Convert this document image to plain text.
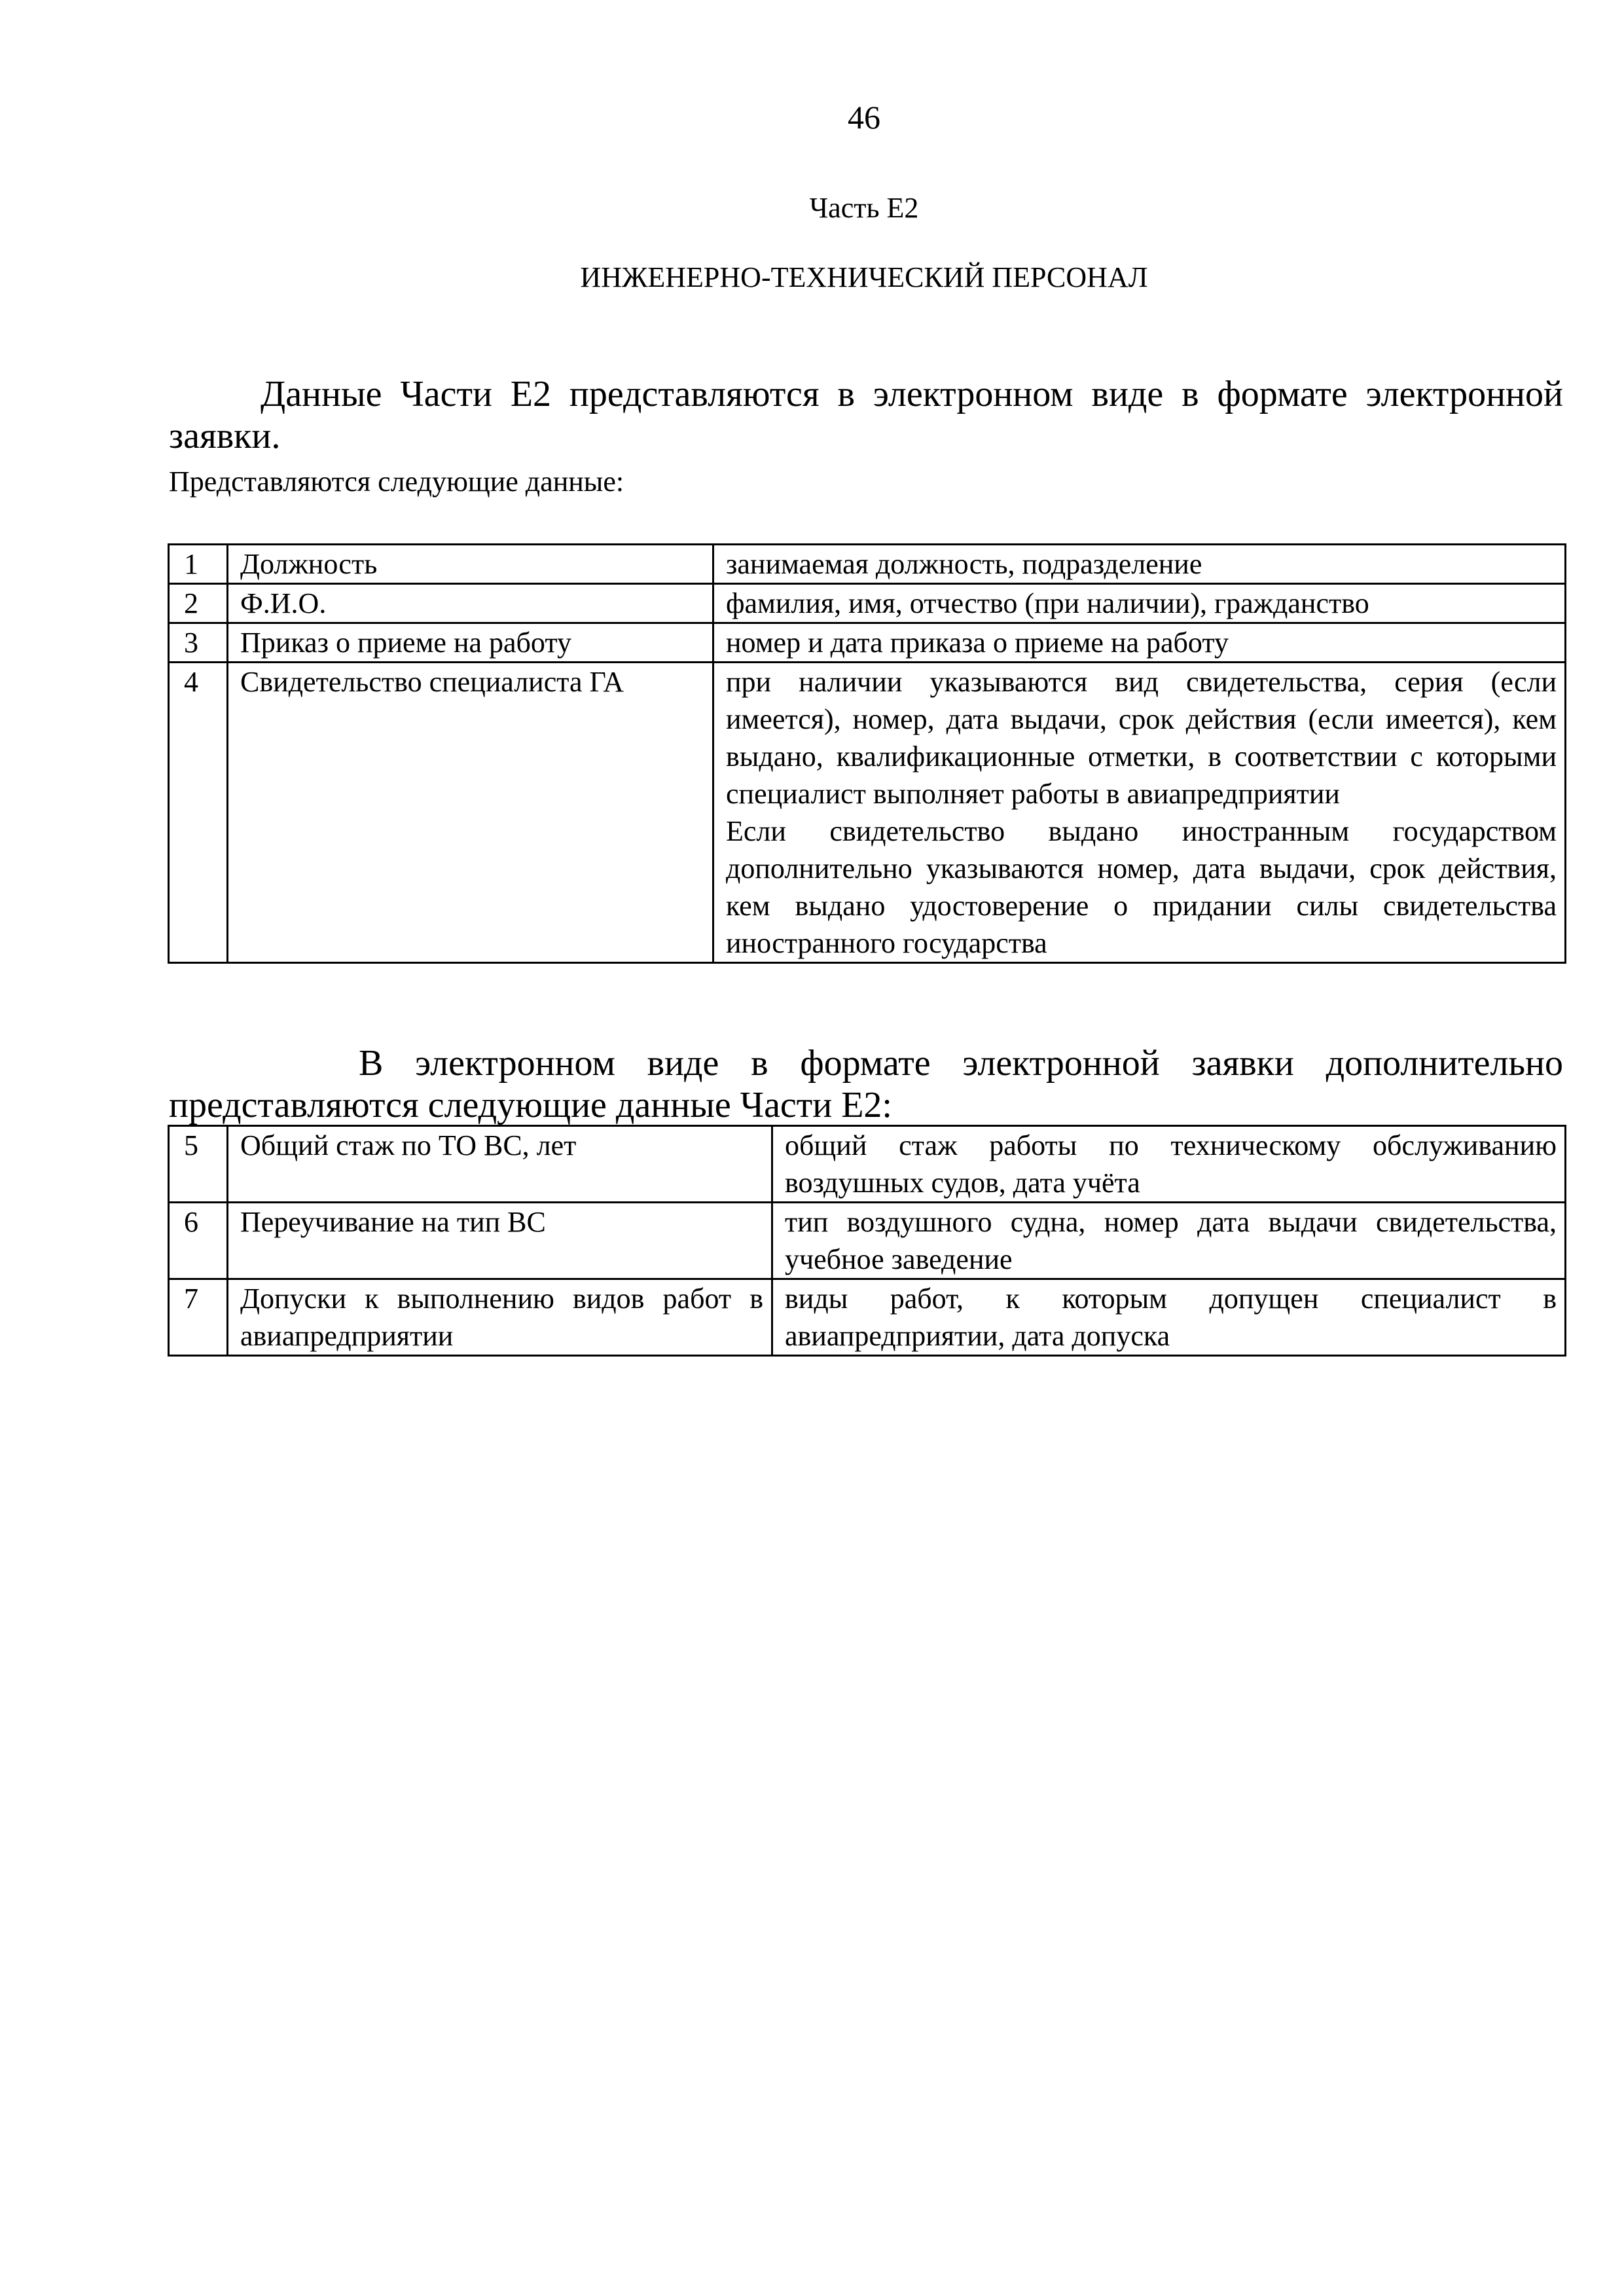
46
Часть Е2
ИНЖЕНЕРНО-ТЕХНИЧЕСКИЙ ПЕРСОНАЛ

Данные Части Е2 представляются в электронном виде в формате электронной заявки.

Представляются следующие данные:

1	Должность	занимаемая должность, подразделение
2	Ф.И.О.	фамилия, имя, отчество (при наличии), гражданство
3	Приказ о приеме на работу	номер и дата приказа о приеме на работу
4	Свидетельство специалиста ГА	при наличии указываются вид свидетельства, серия (если имеется), номер, дата выдачи, срок действия (если имеется), кем выдано, квалификационные отметки, в соответствии с которыми специалист выполняет работы в авиапредприятии
Если свидетельство выдано иностранным государством дополнительно указываются номер, дата выдачи, срок действия, кем выдано удостоверение о придании силы свидетельства иностранного государства

В электронном виде в формате электронной заявки дополнительно представляются следующие данные Части Е2:

5	Общий стаж по ТО ВС, лет	общий стаж работы по техническому обслуживанию воздушных судов, дата учёта
6	Переучивание на тип ВС	тип воздушного судна, номер дата выдачи свидетельства, учебное заведение
7	Допуски к выполнению видов работ в авиапредприятии	виды работ, к которым допущен специалист в авиапредприятии, дата допуска
